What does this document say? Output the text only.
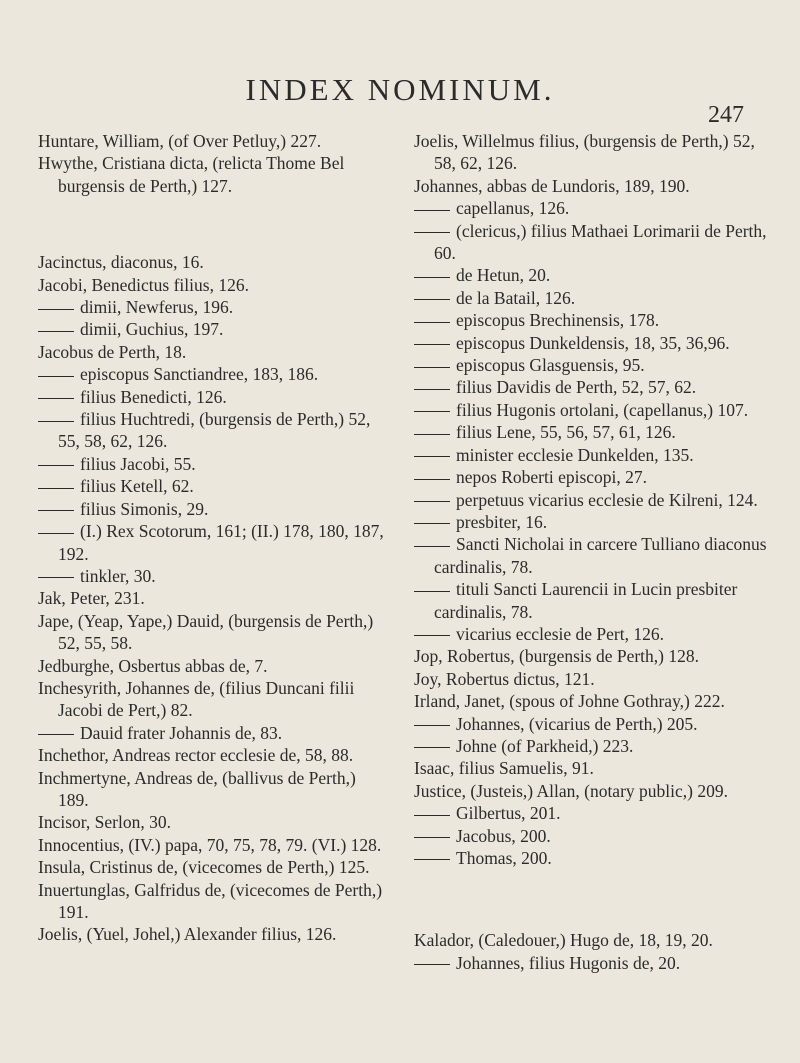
INDEX NOMINUM.
247
Huntare, William, (of Over Petluy,) 227.
Hwythe, Cristiana dicta, (relicta Thome Bel burgensis de Perth,) 127.
Jacinctus, diaconus, 16.
Jacobi, Benedictus filius, 126.
dimii, Newferus, 196.
dimii, Guchius, 197.
Jacobus de Perth, 18.
episcopus Sanctiandree, 183, 186.
filius Benedicti, 126.
filius Huchtredi, (burgensis de Perth,) 52, 55, 58, 62, 126.
filius Jacobi, 55.
filius Ketell, 62.
filius Simonis, 29.
(I.) Rex Scotorum, 161; (II.) 178, 180, 187, 192.
tinkler, 30.
Jak, Peter, 231.
Jape, (Yeap, Yape,) Dauid, (burgensis de Perth,) 52, 55, 58.
Jedburghe, Osbertus abbas de, 7.
Inchesyrith, Johannes de, (filius Duncani filii Jacobi de Pert,) 82.
Dauid frater Johannis de, 83.
Inchethor, Andreas rector ecclesie de, 58, 88.
Inchmertyne, Andreas de, (ballivus de Perth,) 189.
Incisor, Serlon, 30.
Innocentius, (IV.) papa, 70, 75, 78, 79. (VI.) 128.
Insula, Cristinus de, (vicecomes de Perth,) 125.
Inuertunglas, Galfridus de, (vicecomes de Perth,) 191.
Joelis, (Yuel, Johel,) Alexander filius, 126.
Joelis, Willelmus filius, (burgensis de Perth,) 52, 58, 62, 126.
Johannes, abbas de Lundoris, 189, 190.
capellanus, 126.
(clericus,) filius Mathaei Lorimarii de Perth, 60.
de Hetun, 20.
de la Batail, 126.
episcopus Brechinensis, 178.
episcopus Dunkeldensis, 18, 35, 36,96.
episcopus Glasguensis, 95.
filius Davidis de Perth, 52, 57, 62.
filius Hugonis ortolani, (capellanus,) 107.
filius Lene, 55, 56, 57, 61, 126.
minister ecclesie Dunkelden, 135.
nepos Roberti episcopi, 27.
perpetuus vicarius ecclesie de Kilreni, 124.
presbiter, 16.
Sancti Nicholai in carcere Tulliano diaconus cardinalis, 78.
tituli Sancti Laurencii in Lucin presbiter cardinalis, 78.
vicarius ecclesie de Pert, 126.
Jop, Robertus, (burgensis de Perth,) 128.
Joy, Robertus dictus, 121.
Irland, Janet, (spous of Johne Gothray,) 222.
Johannes, (vicarius de Perth,) 205.
Johne (of Parkheid,) 223.
Isaac, filius Samuelis, 91.
Justice, (Justeis,) Allan, (notary public,) 209.
Gilbertus, 201.
Jacobus, 200.
Thomas, 200.
Kalador, (Caledouer,) Hugo de, 18, 19, 20.
Johannes, filius Hugonis de, 20.
